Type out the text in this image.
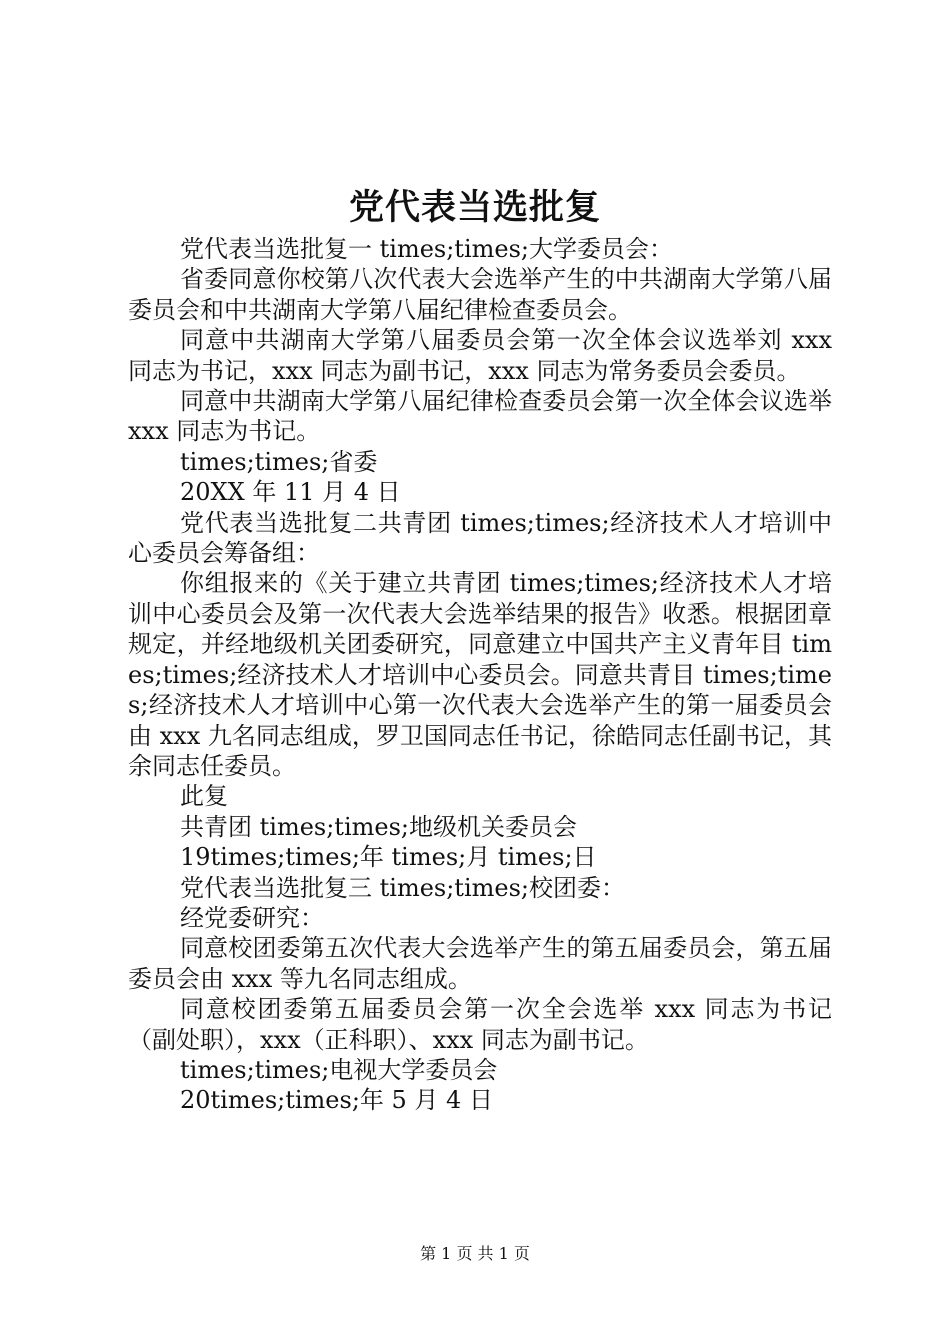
党代表当选批复

党代表当选批复一 times;times;大学委员会：

省委同意你校第八次代表大会选举产生的中共湖南大学第八届委员会和中共湖南大学第八届纪律检查委员会。

同意中共湖南大学第八届委员会第一次全体会议选举刘 xxx 同志为书记，xxx 同志为副书记，xxx 同志为常务委员会委员。

同意中共湖南大学第八届纪律检查委员会第一次全体会议选举 xxx 同志为书记。

times;times;省委

20XX 年 11 月 4 日

党代表当选批复二共青团 times;times;经济技术人才培训中心委员会筹备组：

你组报来的《关于建立共青团 times;times;经济技术人才培训中心委员会及第一次代表大会选举结果的报告》收悉。根据团章规定，并经地级机关团委研究，同意建立中国共产主义青年目 times;times;经济技术人才培训中心委员会。同意共青目 times;times;经济技术人才培训中心第一次代表大会选举产生的第一届委员会由 xxx 九名同志组成，罗卫国同志任书记，徐皓同志任副书记，其余同志任委员。

此复

共青团 times;times;地级机关委员会

19times;times;年 times;月 times;日

党代表当选批复三 times;times;校团委：

经党委研究：

同意校团委第五次代表大会选举产生的第五届委员会，第五届委员会由 xxx 等九名同志组成。

同意校团委第五届委员会第一次全会选举 xxx 同志为书记（副处职），xxx（正科职）、xxx 同志为副书记。

times;times;电视大学委员会

20times;times;年 5 月 4 日

第 1 页 共 1 页
